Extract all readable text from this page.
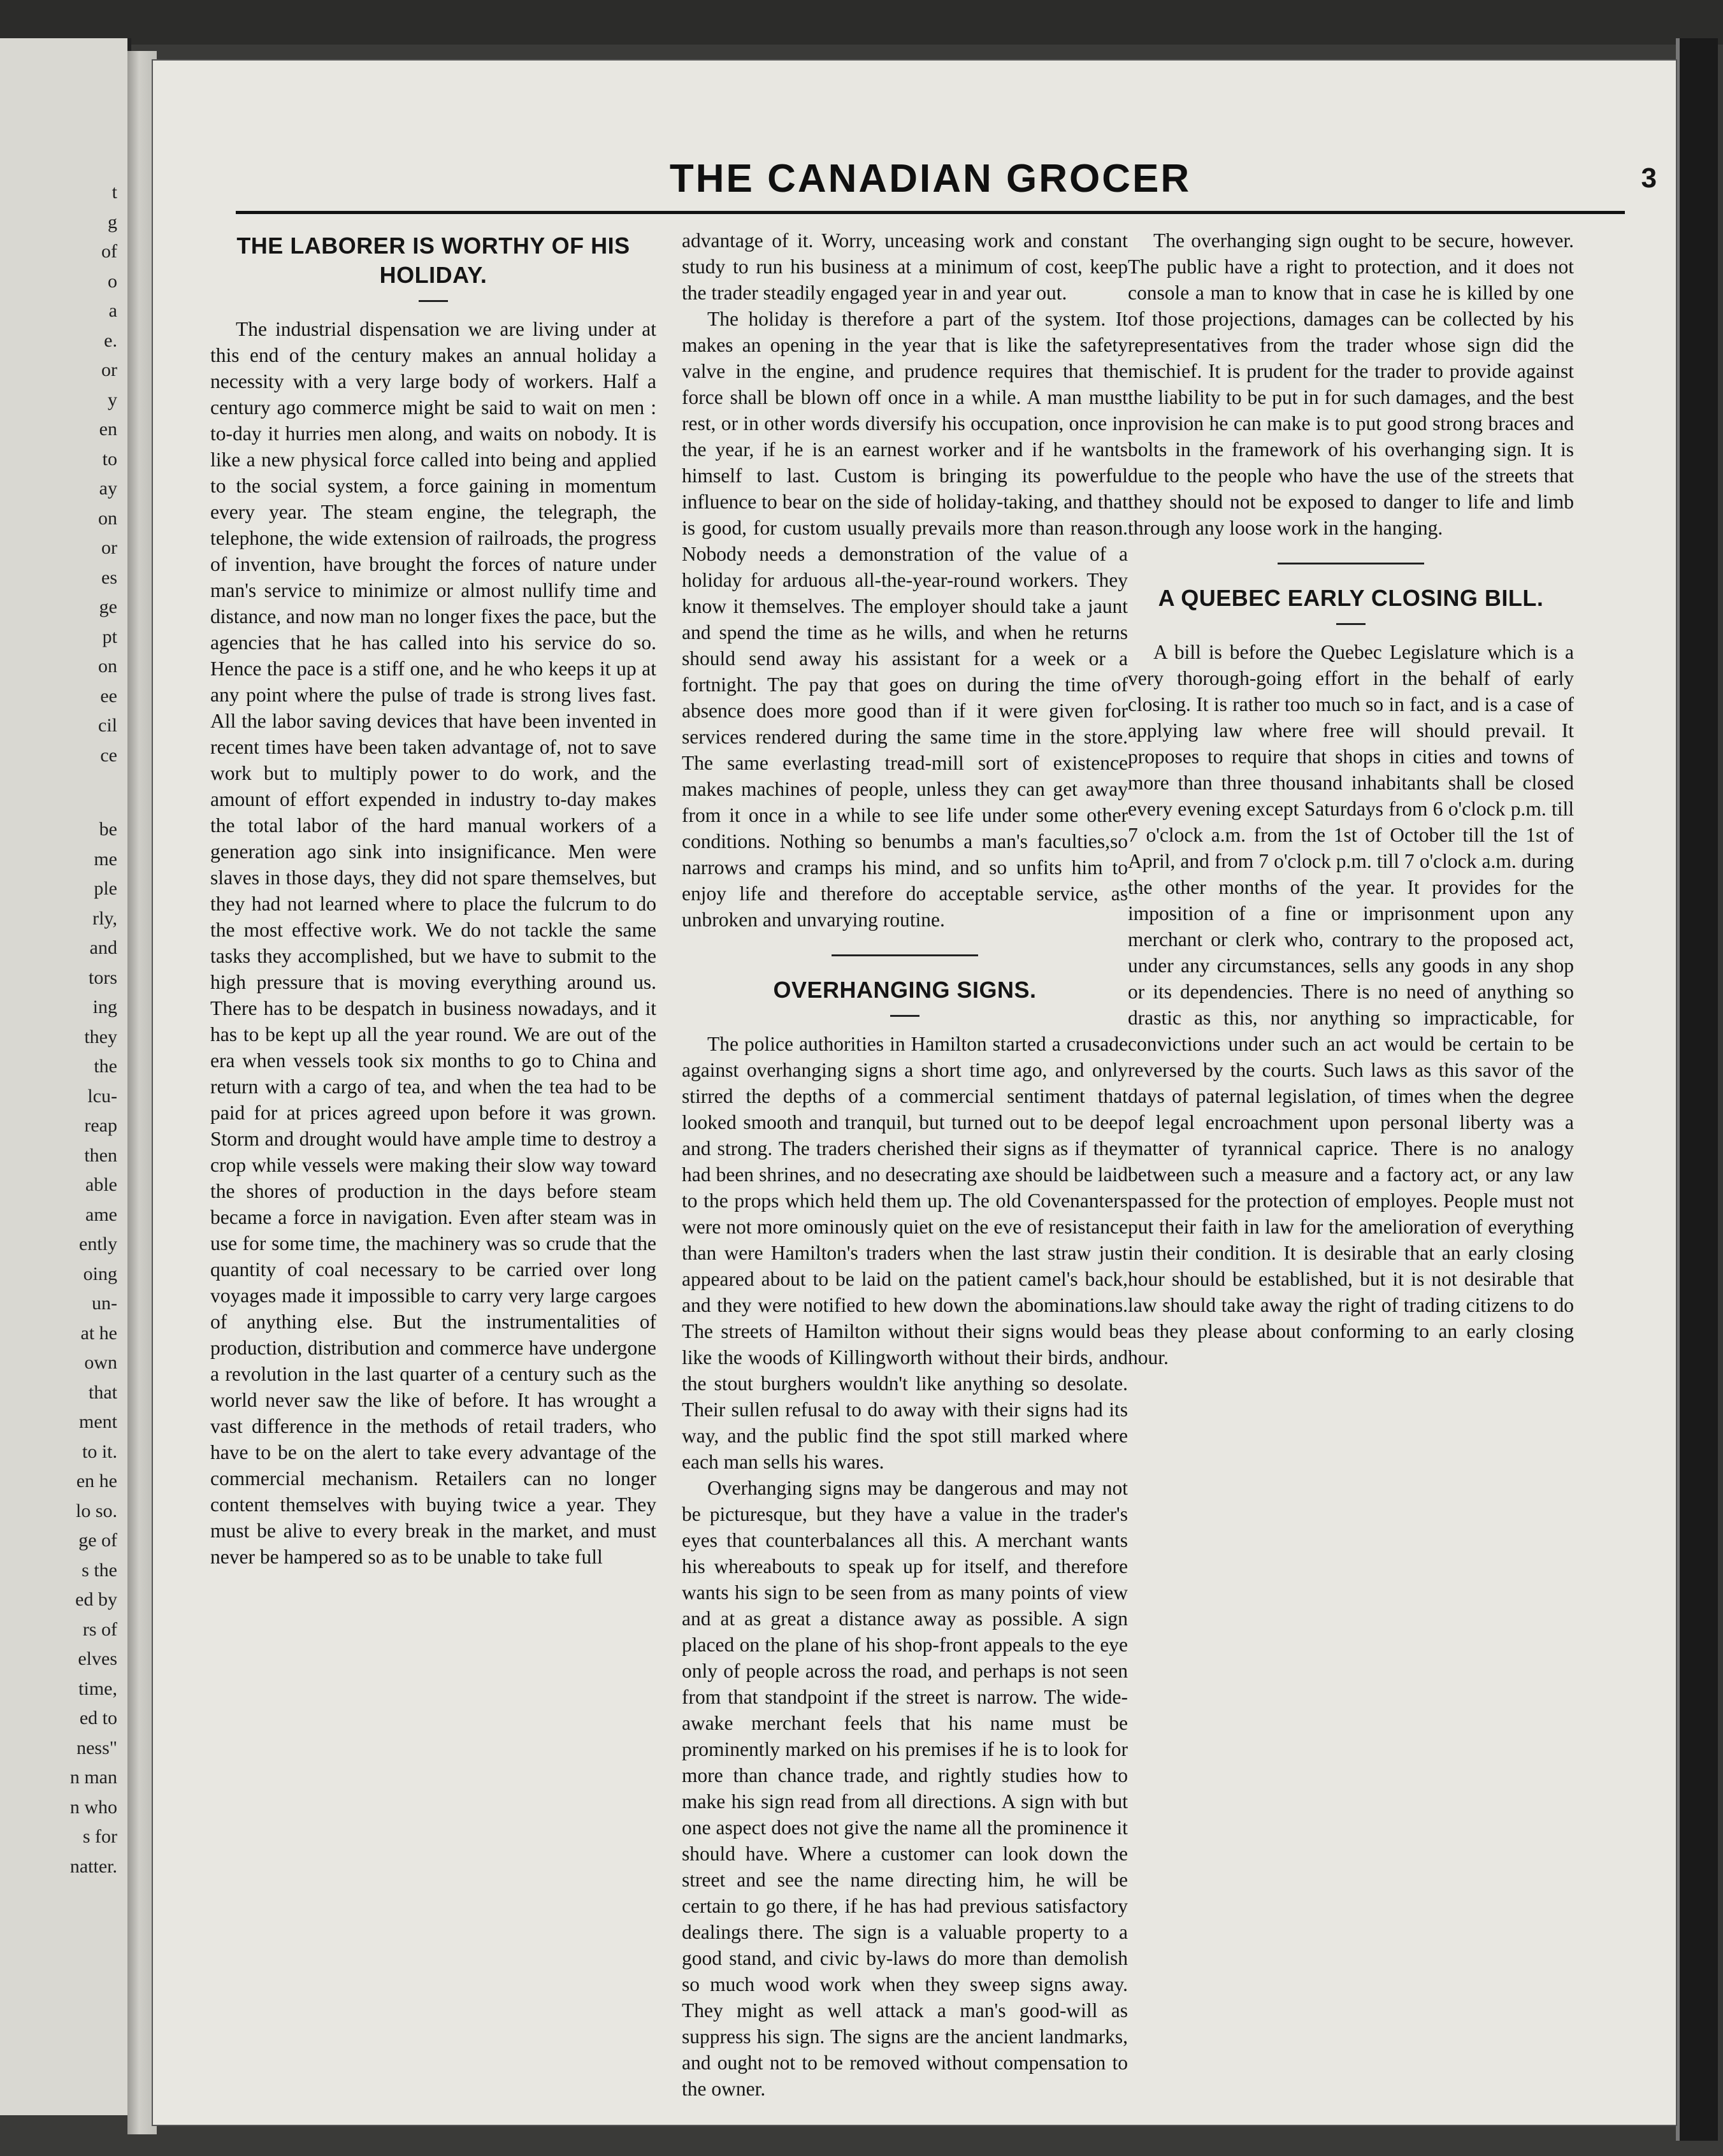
t
g
of
o
a
e.
or
y
en
to
ay
on
or
es
ge
pt
on
ee
cil
ce
be
me
ple
rly,
and
tors
ing
they
the
lcu-
reap
then
able
ame
ently
oing
un-
at he
own
that
ment
to it.
en he
lo so.
ge of
s the
ed by
rs of
elves
time,
ed to
ness"
n man
n who
s for
natter.
THE CANADIAN GROCER	3
THE LABORER IS WORTHY OF HIS HOLIDAY.

The industrial dispensation we are living under at this end of the century makes an annual holiday a necessity with a very large body of workers. Half a century ago commerce might be said to wait on men : to-day it hurries men along, and waits on nobody. It is like a new physical force called into being and applied to the social system, a force gaining in momentum every year. The steam engine, the telegraph, the telephone, the wide extension of railroads, the progress of invention, have brought the forces of nature under man's service to minimize or almost nullify time and distance, and now man no longer fixes the pace, but the agencies that he has called into his service do so. Hence the pace is a stiff one, and he who keeps it up at any point where the pulse of trade is strong lives fast. All the labor saving devices that have been invented in recent times have been taken advantage of, not to save work but to multiply power to do work, and the amount of effort expended in industry to-day makes the total labor of the hard manual workers of a generation ago sink into insignificance. Men were slaves in those days, they did not spare themselves, but they had not learned where to place the fulcrum to do the most effective work. We do not tackle the same tasks they accomplished, but we have to submit to the high pressure that is moving everything around us. There has to be despatch in business nowadays, and it has to be kept up all the year round. We are out of the era when vessels took six months to go to China and return with a cargo of tea, and when the tea had to be paid for at prices agreed upon before it was grown. Storm and drought would have ample time to destroy a crop while vessels were making their slow way toward the shores of production in the days before steam became a force in navigation. Even after steam was in use for some time, the machinery was so crude that the quantity of coal necessary to be carried over long voyages made it impossible to carry very large cargoes of anything else. But the instrumentalities of production, distribution and commerce have undergone a revolution in the last quarter of a century such as the world never saw the like of before. It has wrought a vast difference in the methods of retail traders, who have to be on the alert to take every advantage of the commercial mechanism. Retailers can no longer content themselves with buying twice a year. They must be alive to every break in the market, and must never be hampered so as to be unable to take full

advantage of it. Worry, unceasing work and constant study to run his business at a minimum of cost, keep the trader steadily engaged year in and year out.

The holiday is therefore a part of the system. It makes an opening in the year that is like the safety valve in the engine, and prudence requires that the force shall be blown off once in a while. A man must rest, or in other words diversify his occupation, once in the year, if he is an earnest worker and if he wants himself to last. Custom is bringing its powerful influence to bear on the side of holiday-taking, and that is good, for custom usually prevails more than reason. Nobody needs a demonstration of the value of a holiday for arduous all-the-year-round workers. They know it themselves. The employer should take a jaunt and spend the time as he wills, and when he returns should send away his assistant for a week or a fortnight. The pay that goes on during the time of absence does more good than if it were given for services rendered during the same time in the store. The same everlasting tread-mill sort of existence makes machines of people, unless they can get away from it once in a while to see life under some other conditions. Nothing so benumbs a man's faculties,so narrows and cramps his mind, and so unfits him to enjoy life and therefore do acceptable service, as unbroken and unvarying routine.

OVERHANGING SIGNS.

The police authorities in Hamilton started a crusade against overhanging signs a short time ago, and only stirred the depths of a commercial sentiment that looked smooth and tranquil, but turned out to be deep and strong. The traders cherished their signs as if they had been shrines, and no desecrating axe should be laid to the props which held them up. The old Covenanters were not more ominously quiet on the eve of resistance than were Hamilton's traders when the last straw just appeared about to be laid on the patient camel's back, and they were notified to hew down the abominations. The streets of Hamilton without their signs would be like the woods of Killingworth without their birds, and the stout burghers wouldn't like anything so desolate. Their sullen refusal to do away with their signs had its way, and the public find the spot still marked where each man sells his wares.

Overhanging signs may be dangerous and may not be picturesque, but they have a value in the trader's eyes that counterbalances all this. A merchant wants his whereabouts to speak up for itself, and therefore wants his sign to be seen from as many points of view and at as great a distance away as possible. A sign placed on the plane of his shop-front appeals to the eye only of people across the road, and perhaps is not seen from that standpoint if the street is narrow. The wide-awake merchant feels that his name must be prominently marked on his premises if he is to look for more than chance trade, and rightly studies how to make his sign read from all directions. A sign with but one aspect does not give the name all the prominence it should have. Where a customer can look down the street and see the name directing him, he will be certain to go there, if he has had previous satisfactory dealings there. The sign is a valuable property to a good stand, and civic by-laws do more than demolish so much wood work when they sweep signs away. They might as well attack a man's good-will as suppress his sign. The signs are the ancient landmarks, and ought not to be removed without compensation to the owner.

The overhanging sign ought to be secure, however. The public have a right to protection, and it does not console a man to know that in case he is killed by one of those projections, damages can be collected by his representatives from the trader whose sign did the mischief. It is prudent for the trader to provide against the liability to be put in for such damages, and the best provision he can make is to put good strong braces and bolts in the framework of his overhanging sign. It is due to the people who have the use of the streets that they should not be exposed to danger to life and limb through any loose work in the hanging.

A QUEBEC EARLY CLOSING BILL.

A bill is before the Quebec Legislature which is a very thorough-going effort in the behalf of early closing. It is rather too much so in fact, and is a case of applying law where free will should prevail. It proposes to require that shops in cities and towns of more than three thousand inhabitants shall be closed every evening except Saturdays from 6 o'clock p.m. till 7 o'clock a.m. from the 1st of October till the 1st of April, and from 7 o'clock p.m. till 7 o'clock a.m. during the other months of the year. It provides for the imposition of a fine or imprisonment upon any merchant or clerk who, contrary to the proposed act, under any circumstances, sells any goods in any shop or its dependencies. There is no need of anything so drastic as this, nor anything so impracticable, for convictions under such an act would be certain to be reversed by the courts. Such laws as this savor of the days of paternal legislation, of times when the degree of legal encroachment upon personal liberty was a matter of tyrannical caprice. There is no analogy between such a measure and a factory act, or any law passed for the protection of employes. People must not put their faith in law for the amelioration of everything in their condition. It is desirable that an early closing hour should be established, but it is not desirable that law should take away the right of trading citizens to do as they please about conforming to an early closing hour.
